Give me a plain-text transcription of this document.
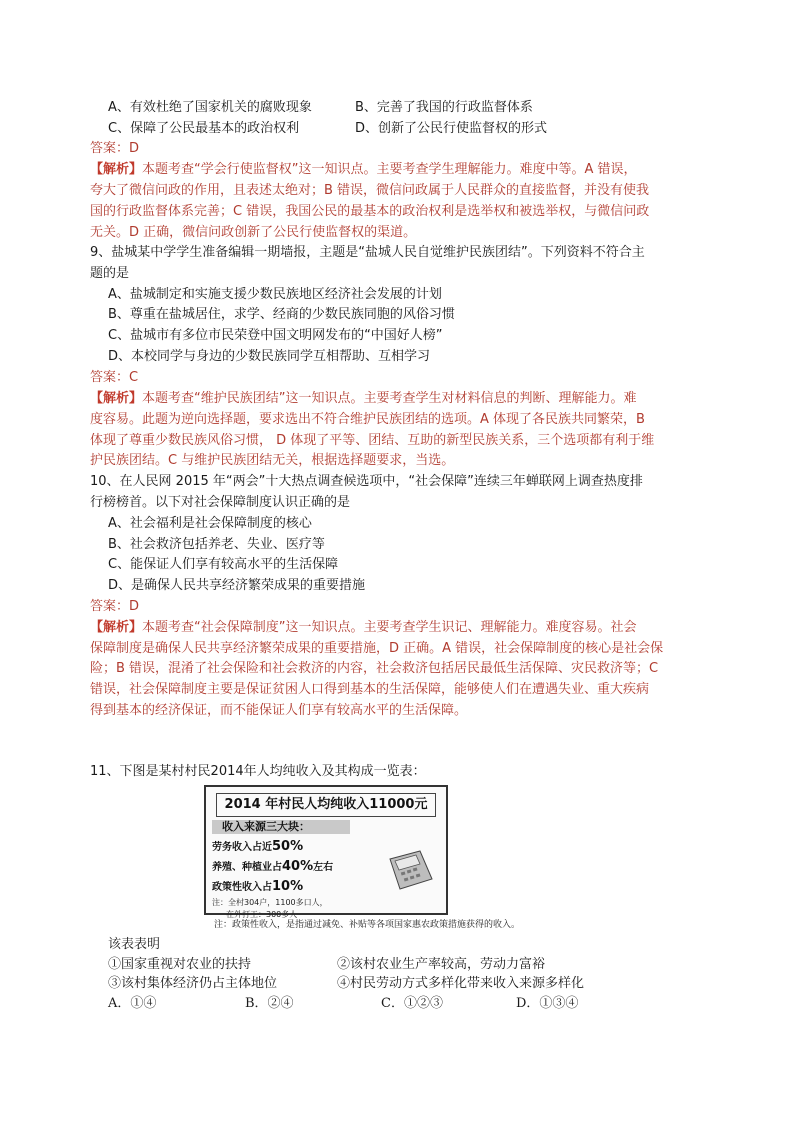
A、有效杜绝了国家机关的腐败现象	B、完善了我国的行政监督体系
C、保障了公民最基本的政治权利	D、创新了公民行使监督权的形式
答案：D
【解析】本题考查“学会行使监督权”这一知识点。主要考查学生理解能力。难度中等。A 错误，
夸大了微信问政的作用，且表述太绝对；B 错误，微信问政属于人民群众的直接监督，并没有使我
国的行政监督体系完善；C 错误，我国公民的最基本的政治权利是选举权和被选举权，与微信问政
无关。D 正确，微信问政创新了公民行使监督权的渠道。
9、盐城某中学学生准备编辑一期墙报，主题是“盐城人民自觉维护民族团结”。下列资料不符合主
题的是
A、盐城制定和实施支援少数民族地区经济社会发展的计划
B、尊重在盐城居住，求学、经商的少数民族同胞的风俗习惯
C、盐城市有多位市民荣登中国文明网发布的“中国好人榜”
D、本校同学与身边的少数民族同学互相帮助、互相学习
答案：C
【解析】本题考查“维护民族团结”这一知识点。主要考查学生对材料信息的判断、理解能力。难
度容易。此题为逆向选择题，要求选出不符合维护民族团结的选项。A 体现了各民族共同繁荣，B
体现了尊重少数民族风俗习惯， D 体现了平等、团结、互助的新型民族关系，三个选项都有利于维
护民族团结。C 与维护民族团结无关，根据选择题要求，当选。
10、在人民网 2015 年“两会”十大热点调查候选项中，“社会保障”连续三年蝉联网上调查热度排
行榜榜首。以下对社会保障制度认识正确的是
A、社会福利是社会保障制度的核心
B、社会救济包括养老、失业、医疗等
C、能保证人们享有较高水平的生活保障
D、是确保人民共享经济繁荣成果的重要措施
答案：D
【解析】本题考查“社会保障制度”这一知识点。主要考查学生识记、理解能力。难度容易。社会
保障制度是确保人民共享经济繁荣成果的重要措施，D 正确。A 错误，社会保障制度的核心是社会保
险；B 错误，混淆了社会保险和社会救济的内容，社会救济包括居民最低生活保障、灾民救济等；C
错误，社会保障制度主要是保证贫困人口得到基本的生活保障，能够使人们在遭遇失业、重大疾病
得到基本的经济保证，而不能保证人们享有较高水平的生活保障。
11、下图是某村村民2014年人均纯收入及其构成一览表：
2014 年村民人均纯收入11000元
收入来源三大块：
劳务收入占近50%
养殖、种植业占40%左右
政策性收入占10%
注：全村304户，1100多口人，
在外打工：300多人
注：政策性收入，是指通过减免、补贴等各项国家惠农政策措施获得的收入。
该表表明
①国家重视对农业的扶持	②该村农业生产率较高，劳动力富裕
③该村集体经济仍占主体地位	④村民劳动方式多样化带来收入来源多样化
A．①④	B．②④	C．①②③	D．①③④
